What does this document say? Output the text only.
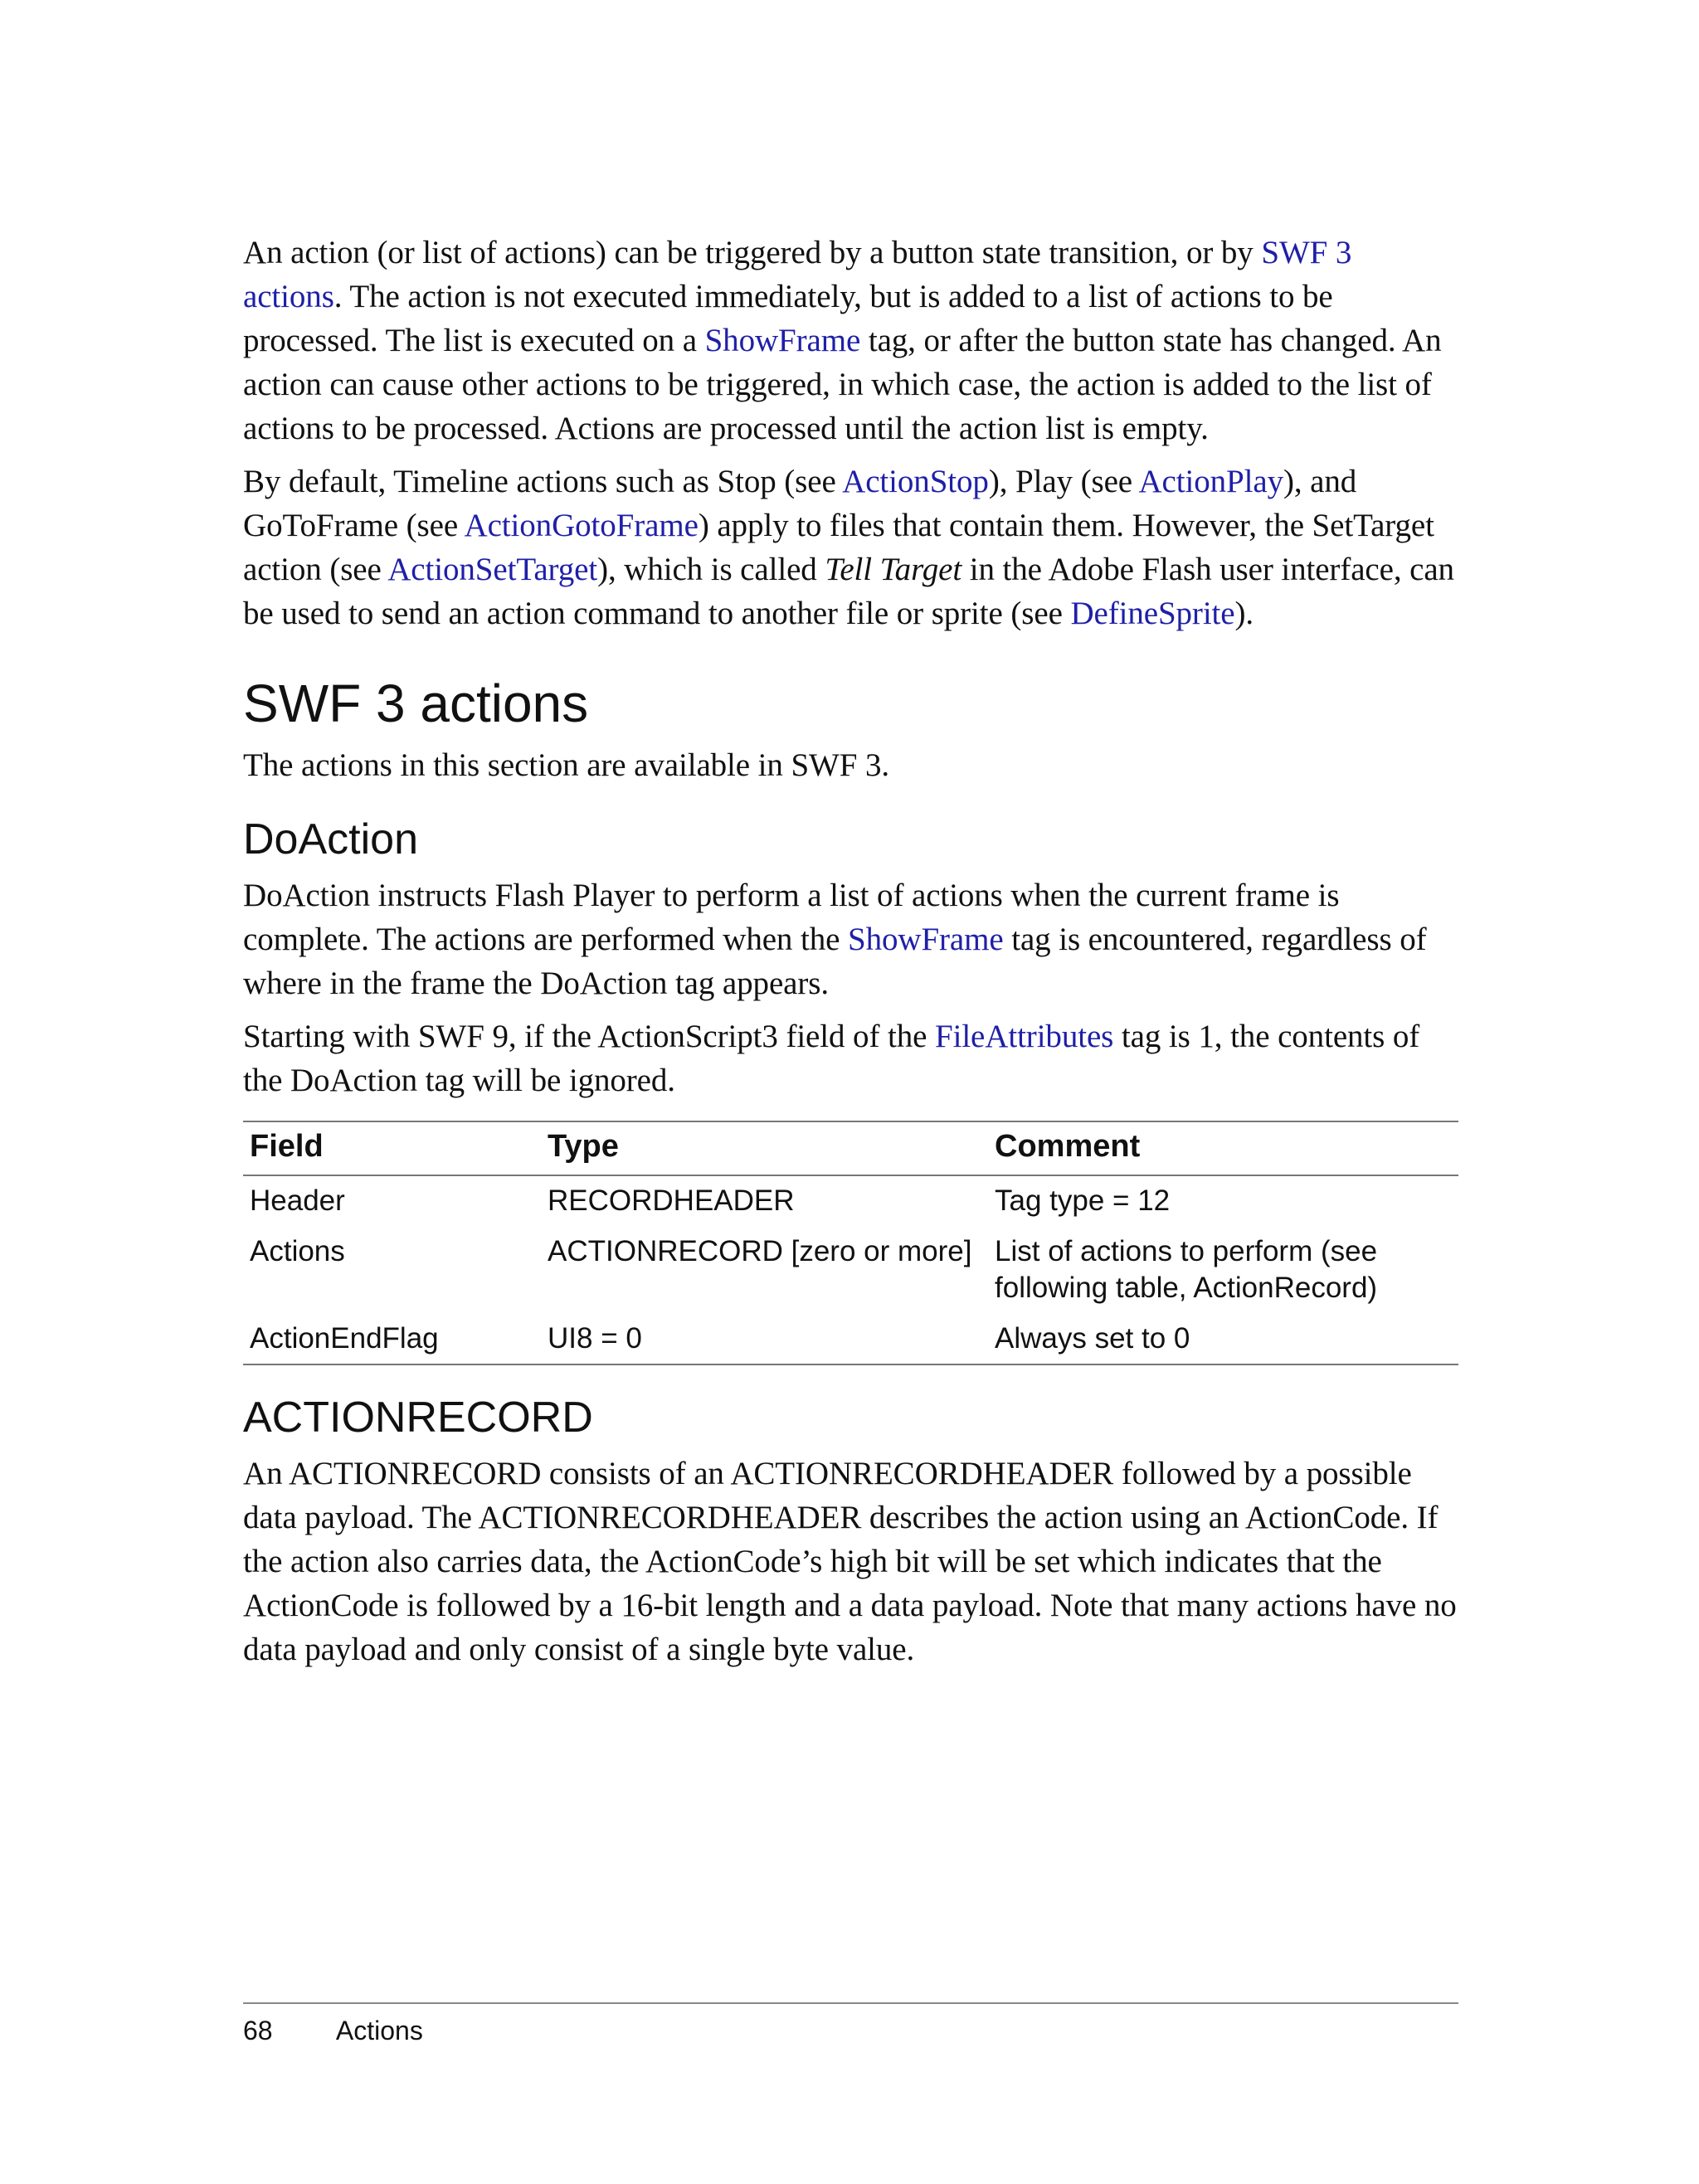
An action (or list of actions) can be triggered by a button state transition, or by SWF 3 actions. The action is not executed immediately, but is added to a list of actions to be processed. The list is executed on a ShowFrame tag, or after the button state has changed. An action can cause other actions to be triggered, in which case, the action is added to the list of actions to be processed. Actions are processed until the action list is empty.

By default, Timeline actions such as Stop (see ActionStop), Play (see ActionPlay), and GoToFrame (see ActionGotoFrame) apply to files that contain them. However, the SetTarget action (see ActionSetTarget), which is called Tell Target in the Adobe Flash user interface, can be used to send an action command to another file or sprite (see DefineSprite).

SWF 3 actions

The actions in this section are available in SWF 3.

DoAction

DoAction instructs Flash Player to perform a list of actions when the current frame is complete. The actions are performed when the ShowFrame tag is encountered, regardless of where in the frame the DoAction tag appears.

Starting with SWF 9, if the ActionScript3 field of the FileAttributes tag is 1, the contents of the DoAction tag will be ignored.

Field	Type	Comment
Header	RECORDHEADER	Tag type = 12
Actions	ACTIONRECORD [zero or more]	List of actions to perform (see following table, ActionRecord)
ActionEndFlag	UI8 = 0	Always set to 0
ACTIONRECORD

An ACTIONRECORD consists of an ACTIONRECORDHEADER followed by a possible data payload. The ACTIONRECORDHEADER describes the action using an ActionCode. If the action also carries data, the ActionCode’s high bit will be set which indicates that the ActionCode is followed by a 16-bit length and a data payload. Note that many actions have no data payload and only consist of a single byte value.

68 Actions
